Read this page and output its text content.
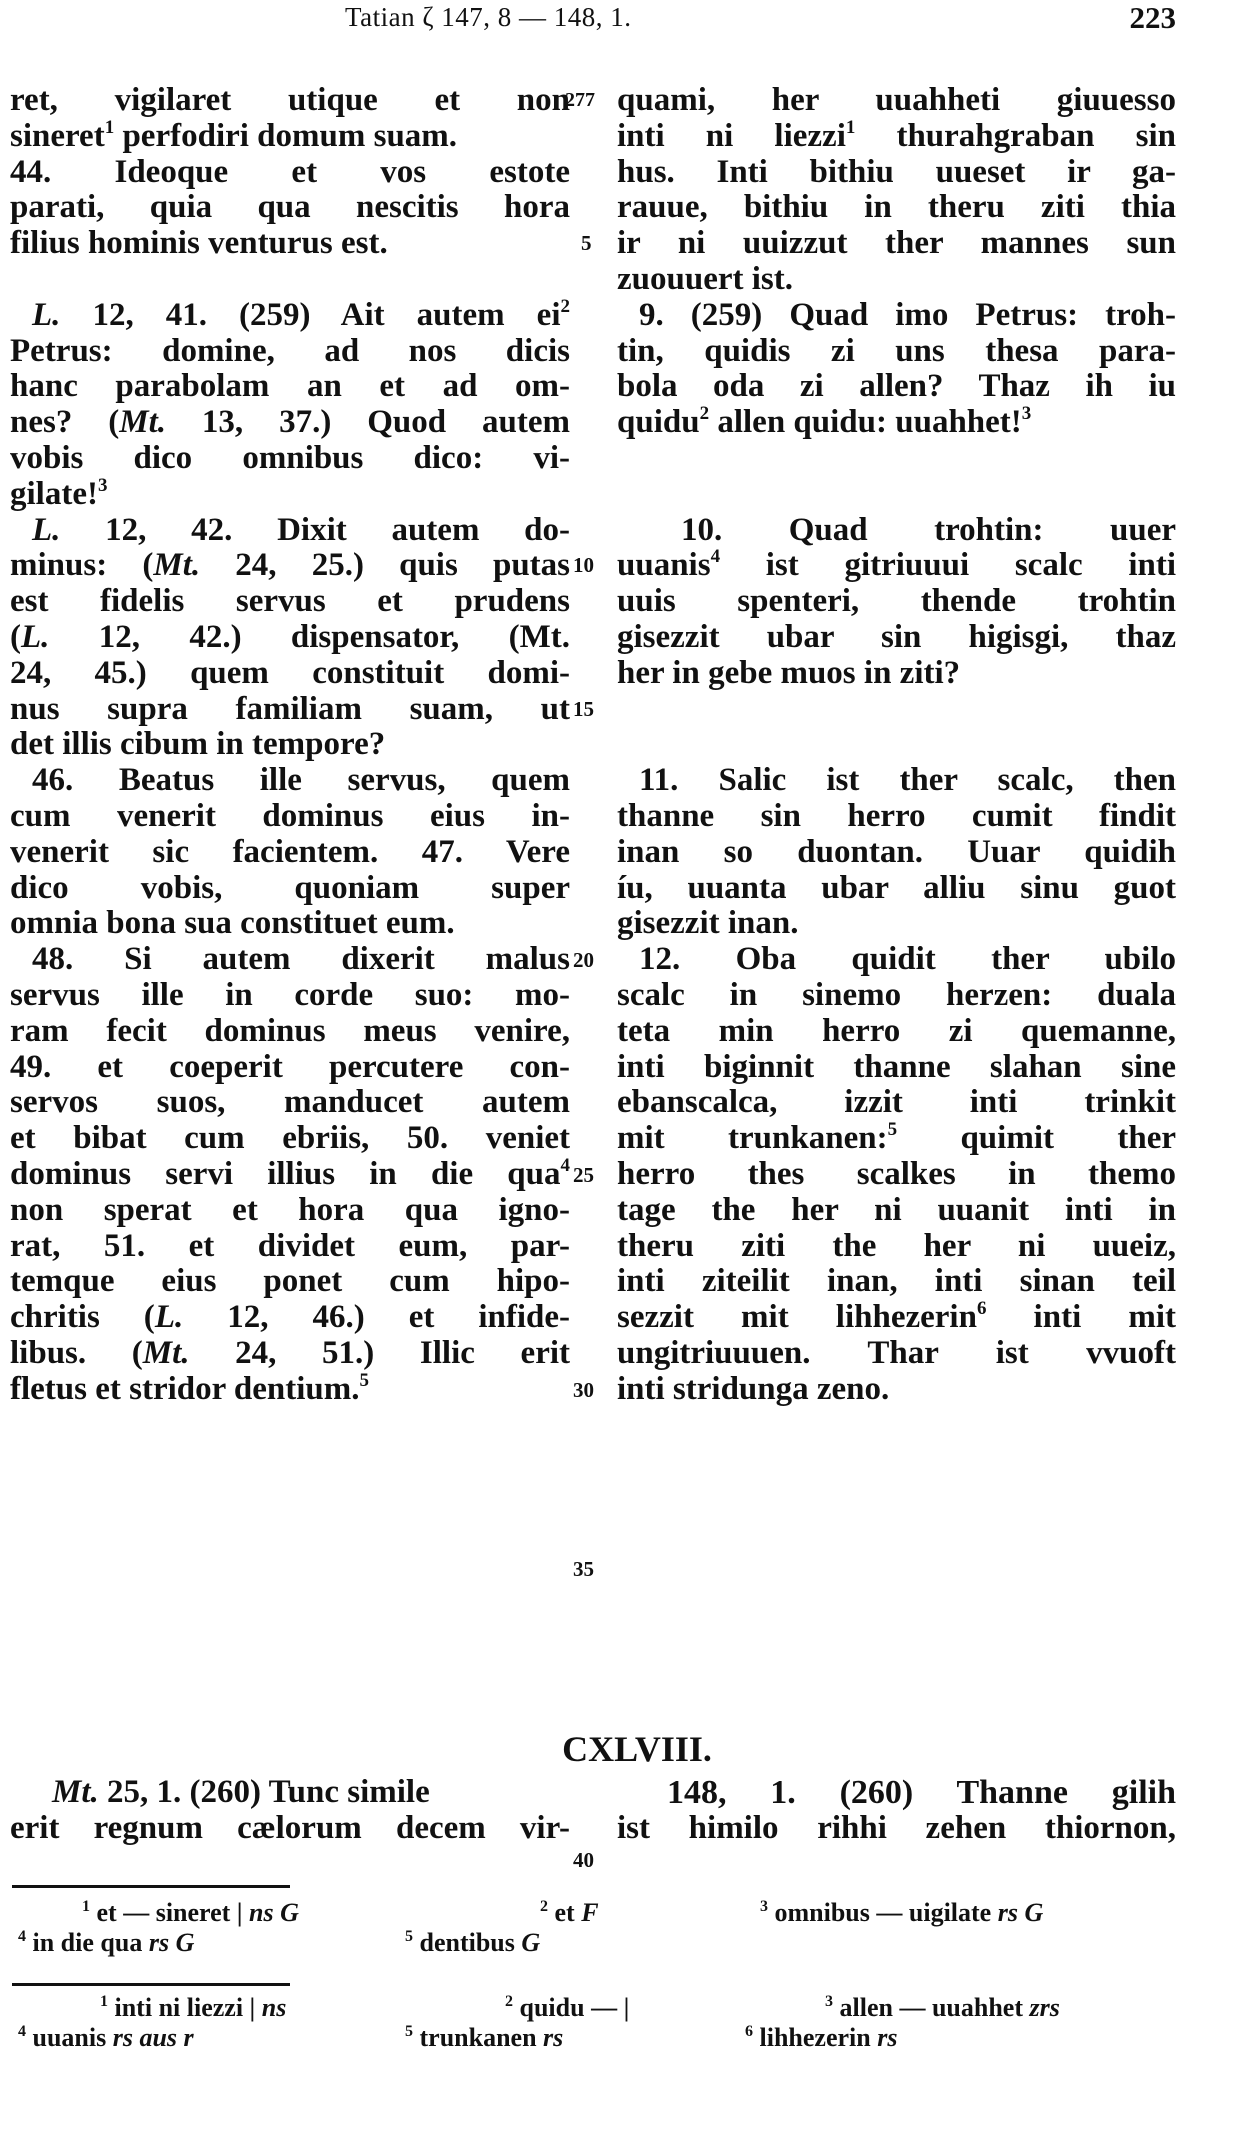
Tatian ζ 147, 8 — 148, 1.	223
ret, vigilaret utique et non
sineret$^1$ perfodiri domum suam.
44. Ideoque et vos estote
parati, quia qua nescitis hora
filius hominis venturus est.
L. 12, 41. (259) Ait autem $ei^2$
Petrus: domine, ad nos dicis
hanc parabolam an et ad om-
nes? (Mt. 13, 37.) Quod autem
vobis dico omnibus dico: vi-
gilate!$^3$
L. 12, 42. Dixit autem do-
minus: (Mt. 24, 25.) quis putas
est fidelis servus et prudens
(L. 12, 42.) dispensator, (Mt.
24, 45.) quem constituit domi-
nus supra familiam suam, ut
det illis cibum in tempore?
46. Beatus ille servus, quem
cum venerit dominus eius in-
venerit sic facientem. 47. Vere
dico vobis, quoniam super
omnia bona sua constituet eum.
48. Si autem dixerit malus
servus ille in corde suo: mo-
ram fecit dominus meus venire,
49. et coeperit percutere con-
servos suos, manducet autem
et bibat cum ebriis, 50. veniet
dominus servi illius in die qua$^4$
non sperat et hora qua igno-
rat, 51. et dividet eum, par-
temque eius ponet cum hipo-
chritis (L. 12, 46.) et infide-
libus. (Mt. 24, 51.) Illic erit
fletus et stridor dentium.$^5$
277
5
10
15
20
25
30
35
40
quami, her uuahheti giuuesso
inti ni liezzi$^1$ thurahgraban sin
hus. Inti bithiu uueset ir ga-
rauue, bithiu in theru ziti thia
ir ni uuizzut ther mannes sun
zuouuert ist.
9. (259) Quad imo Petrus: troh-
tin, quidis zi uns thesa para-
bola oda zi allen? Thaz ih iu
quidu$^2$ allen quidu: uuahhet!$^3$
10. Quad trohtin: uuer
uuanis$^4$ ist gitriuuui scalc inti
uuis spenteri, thende trohtin
gisezzit ubar sin higisgi, thaz
her in gebe muos in ziti?
11. Salic ist ther scalc, then
thanne sin herro cumit findit
inan so duontan. Uuar quidih
íu, uuanta ubar alliu sinu guot
gisezzit inan.
12. Oba quidit ther ubilo
scalc in sinemo herzen: duala
teta min herro zi quemanne,
inti biginnit thanne slahan sine
ebanscalca, izzit inti trinkit
mit trunkanen:$^5$ quimit ther
herro thes scalkes in themo
tage the her ni uuanit inti in
theru ziti the her ni uueiz,
inti ziteilit inan, inti sinan teil
sezzit mit lihhezerin$^6$ inti mit
ungitriuuuen. Thar ist vvuoft
inti stridunga zeno.
CXLVIII.
Mt. 25, 1. (260) Tunc simile
erit regnum cælorum decem vir-
148, 1. (260) Thanne gilih
ist himilo rihhi zehen thiornon,
$^1$ et — sineret | ns G	$^2$ et F	$^3$ omnibus — uigilate rs G
$^4$ in die qua rs G	$^5$ dentibus G
$^1$ inti ni liezzi | ns	$^2$ quidu — |	$^3$ allen — uuahhet zrs
$^4$ uuanis rs aus r	$^5$ trunkanen rs	$^6$ lihhezerin rs
